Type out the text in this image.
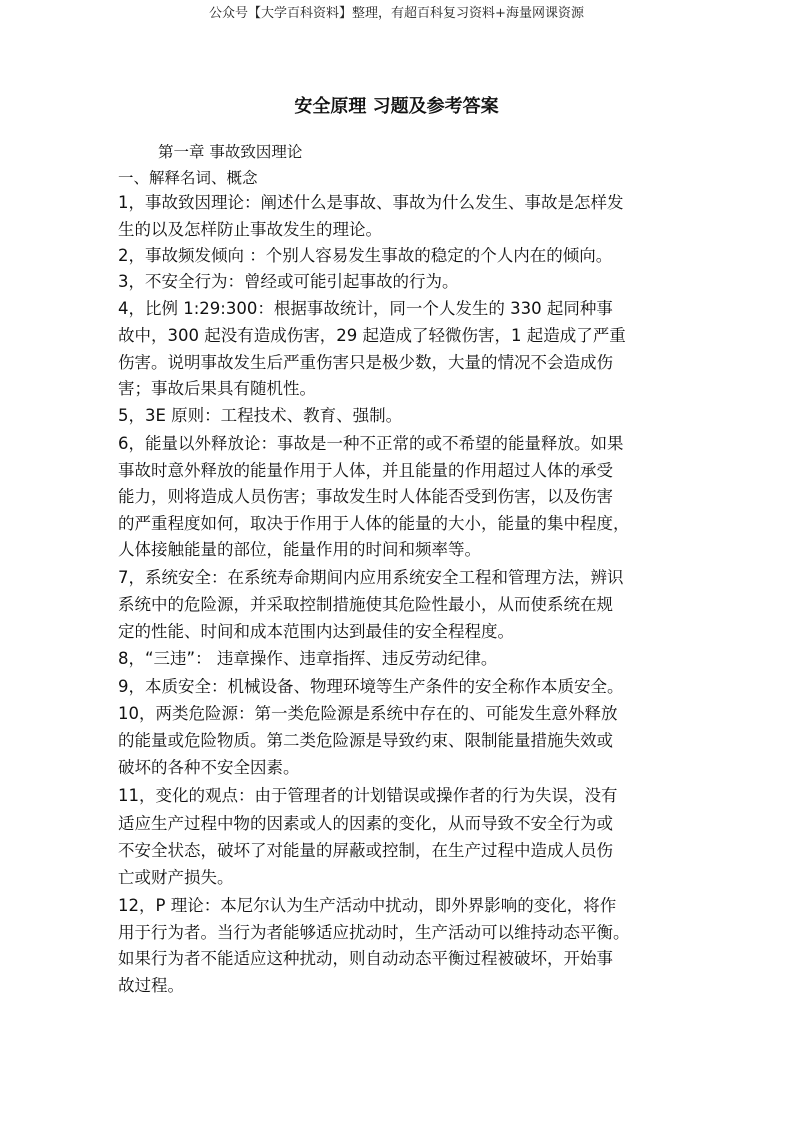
公众号【大学百科资料】整理，有超百科复习资料+海量网课资源
安全原理 习题及参考答案
第一章 事故致因理论
一、解释名词、概念
1，事故致因理论：阐述什么是事故、事故为什么发生、事故是怎样发
生的以及怎样防止事故发生的理论。
2，事故频发倾向 ：个别人容易发生事故的稳定的个人内在的倾向。
3，不安全行为：曾经或可能引起事故的行为。
4，比例 1:29:300：根据事故统计，同一个人发生的 330 起同种事
故中，300 起没有造成伤害，29 起造成了轻微伤害，1 起造成了严重
伤害。说明事故发生后严重伤害只是极少数，大量的情况不会造成伤
害；事故后果具有随机性。
5，3E 原则：工程技术、教育、强制。
6，能量以外释放论：事故是一种不正常的或不希望的能量释放。如果
事故时意外释放的能量作用于人体，并且能量的作用超过人体的承受
能力，则将造成人员伤害；事故发生时人体能否受到伤害，以及伤害
的严重程度如何，取决于作用于人体的能量的大小，能量的集中程度，
人体接触能量的部位，能量作用的时间和频率等。
7，系统安全：在系统寿命期间内应用系统安全工程和管理方法，辨识
系统中的危险源，并采取控制措施使其危险性最小，从而使系统在规
定的性能、时间和成本范围内达到最佳的安全程程度。
8，“三违”： 违章操作、违章指挥、违反劳动纪律。
9，本质安全：机械设备、物理环境等生产条件的安全称作本质安全。
10，两类危险源：第一类危险源是系统中存在的、可能发生意外释放
的能量或危险物质。第二类危险源是导致约束、限制能量措施失效或
破坏的各种不安全因素。
11，变化的观点：由于管理者的计划错误或操作者的行为失误，没有
适应生产过程中物的因素或人的因素的变化，从而导致不安全行为或
不安全状态，破坏了对能量的屏蔽或控制，在生产过程中造成人员伤
亡或财产损失。
12，P 理论：本尼尔认为生产活动中扰动，即外界影响的变化，将作
用于行为者。当行为者能够适应扰动时，生产活动可以维持动态平衡。
如果行为者不能适应这种扰动，则自动动态平衡过程被破坏，开始事
故过程。
